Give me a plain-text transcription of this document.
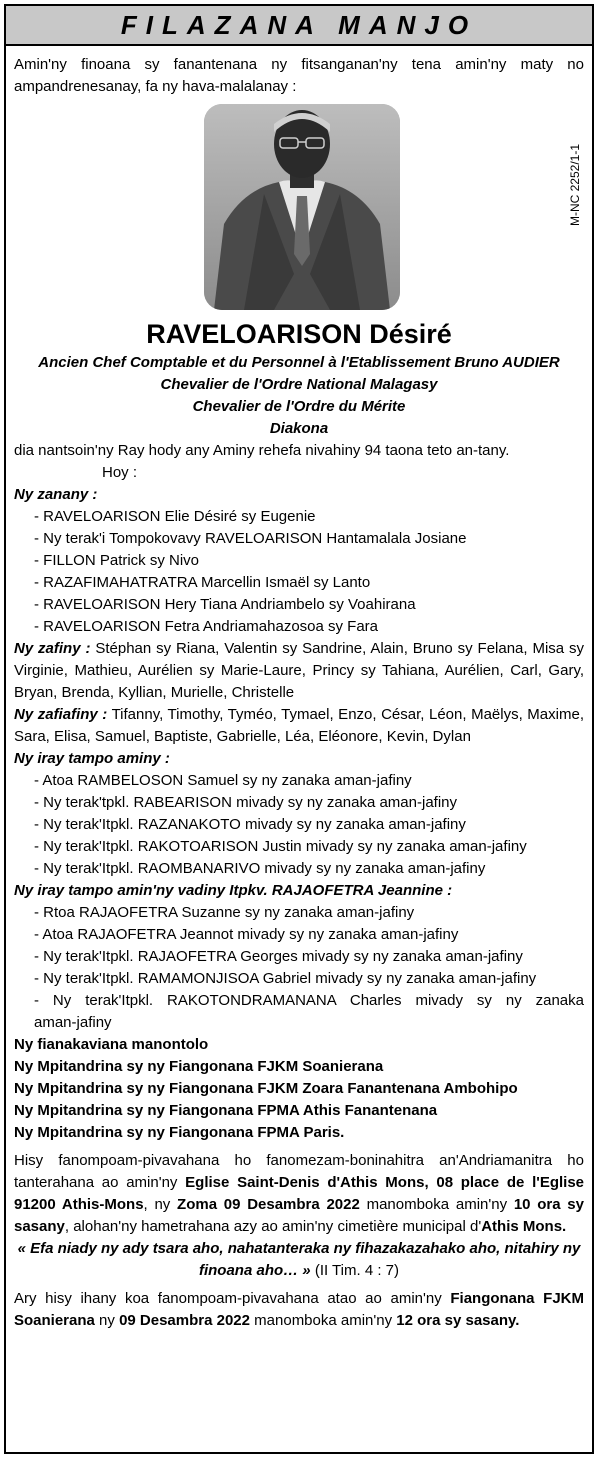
FILAZANA MANJO
Amin'ny finoana sy fanantenana ny fitsanganan'ny tena amin'ny maty no ampandrenesanay, fa ny hava-malalanay :
M-NC 2252/1-1
RAVELOARISON Désiré
Ancien Chef Comptable et du Personnel à l'Etablissement Bruno AUDIER
Chevalier de l'Ordre National Malagasy
Chevalier de l'Ordre du Mérite
Diakona
dia nantsoin'ny Ray hody any Aminy rehefa nivahiny 94 taona teto an-tany.
Hoy :
Ny zanany :
- RAVELOARISON Elie Désiré sy Eugenie
- Ny terak'i Tompokovavy RAVELOARISON Hantamalala Josiane
- FILLON Patrick sy Nivo
- RAZAFIMAHATRATRA Marcellin Ismaël sy Lanto
- RAVELOARISON Hery Tiana Andriambelo sy Voahirana
- RAVELOARISON Fetra Andriamahazosoa sy Fara
Ny zafiny : Stéphan sy Riana, Valentin sy Sandrine, Alain, Bruno sy Felana, Misa sy Virginie, Mathieu, Aurélien sy Marie-Laure, Princy sy Tahiana, Aurélien, Carl, Gary, Bryan, Brenda, Kyllian, Murielle, Christelle
Ny zafiafiny : Tifanny, Timothy, Tyméo, Tymael, Enzo, César, Léon, Maëlys, Maxime, Sara, Elisa, Samuel, Baptiste, Gabrielle, Léa, Eléonore, Kevin, Dylan
Ny iray tampo aminy :
- Atoa RAMBELOSON Samuel sy ny zanaka aman-jafiny
- Ny terak'tpkl. RABEARISON mivady sy ny zanaka aman-jafiny
- Ny terak'Itpkl. RAZANAKOTO mivady sy ny zanaka aman-jafiny
- Ny terak'Itpkl. RAKOTOARISON Justin mivady sy ny zanaka aman-jafiny
- Ny terak'Itpkl. RAOMBANARIVO mivady sy ny zanaka aman-jafiny
Ny iray tampo amin'ny vadiny Itpkv. RAJAOFETRA Jeannine :
- Rtoa RAJAOFETRA Suzanne sy ny zanaka aman-jafiny
- Atoa RAJAOFETRA Jeannot mivady sy ny zanaka aman-jafiny
- Ny terak'Itpkl. RAJAOFETRA Georges mivady sy ny zanaka aman-jafiny
- Ny terak'Itpkl. RAMAMONJISOA Gabriel mivady sy ny zanaka aman-jafiny
- Ny terak'Itpkl. RAKOTONDRAMANANA Charles mivady sy ny zanaka
aman-jafiny
Ny fianakaviana manontolo
Ny Mpitandrina sy ny Fiangonana FJKM Soanierana
Ny Mpitandrina sy ny Fiangonana FJKM Zoara Fanantenana Ambohipo
Ny Mpitandrina sy ny Fiangonana FPMA Athis Fanantenana
Ny Mpitandrina sy ny Fiangonana FPMA Paris.
Hisy fanompoam-pivavahana ho fanomezam-boninahitra an'Andriamanitra ho tanterahana ao amin'ny Eglise Saint-Denis d'Athis Mons, 08 place de l'Eglise 91200 Athis-Mons, ny Zoma 09 Desambra 2022 manomboka amin'ny 10 ora sy sasany, alohan'ny hametrahana azy ao amin'ny cimetière municipal d'Athis Mons.
« Efa niady ny ady tsara aho, nahatanteraka ny fihazakazahako aho, nitahiry ny finoana aho… » (II Tim. 4 : 7)
Ary hisy ihany koa fanompoam-pivavahana atao ao amin'ny Fiangonana FJKM Soanierana ny 09 Desambra 2022 manomboka amin'ny 12 ora sy sasany.
